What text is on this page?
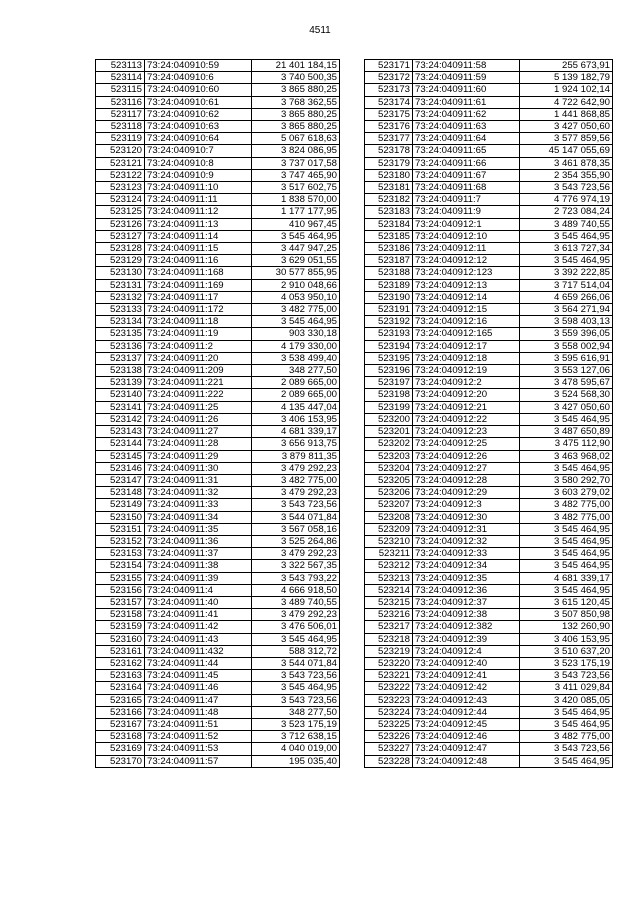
4511
523113	73:24:040910:59	21 401 184,15
523114	73:24:040910:6	3 740 500,35
523115	73:24:040910:60	3 865 880,25
523116	73:24:040910:61	3 768 362,55
523117	73:24:040910:62	3 865 880,25
523118	73:24:040910:63	3 865 880,25
523119	73:24:040910:64	5 067 618,63
523120	73:24:040910:7	3 824 086,95
523121	73:24:040910:8	3 737 017,58
523122	73:24:040910:9	3 747 465,90
523123	73:24:040911:10	3 517 602,75
523124	73:24:040911:11	1 838 570,00
523125	73:24:040911:12	1 177 177,95
523126	73:24:040911:13	410 967,45
523127	73:24:040911:14	3 545 464,95
523128	73:24:040911:15	3 447 947,25
523129	73:24:040911:16	3 629 051,55
523130	73:24:040911:168	30 577 855,95
523131	73:24:040911:169	2 910 048,66
523132	73:24:040911:17	4 053 950,10
523133	73:24:040911:172	3 482 775,00
523134	73:24:040911:18	3 545 464,95
523135	73:24:040911:19	903 330,18
523136	73:24:040911:2	4 179 330,00
523137	73:24:040911:20	3 538 499,40
523138	73:24:040911:209	348 277,50
523139	73:24:040911:221	2 089 665,00
523140	73:24:040911:222	2 089 665,00
523141	73:24:040911:25	4 135 447,04
523142	73:24:040911:26	3 406 153,95
523143	73:24:040911:27	4 681 339,17
523144	73:24:040911:28	3 656 913,75
523145	73:24:040911:29	3 879 811,35
523146	73:24:040911:30	3 479 292,23
523147	73:24:040911:31	3 482 775,00
523148	73:24:040911:32	3 479 292,23
523149	73:24:040911:33	3 543 723,56
523150	73:24:040911:34	3 544 071,84
523151	73:24:040911:35	3 567 058,16
523152	73:24:040911:36	3 525 264,86
523153	73:24:040911:37	3 479 292,23
523154	73:24:040911:38	3 322 567,35
523155	73:24:040911:39	3 543 793,22
523156	73:24:040911:4	4 666 918,50
523157	73:24:040911:40	3 489 740,55
523158	73:24:040911:41	3 479 292,23
523159	73:24:040911:42	3 476 506,01
523160	73:24:040911:43	3 545 464,95
523161	73:24:040911:432	588 312,72
523162	73:24:040911:44	3 544 071,84
523163	73:24:040911:45	3 543 723,56
523164	73:24:040911:46	3 545 464,95
523165	73:24:040911:47	3 543 723,56
523166	73:24:040911:48	348 277,50
523167	73:24:040911:51	3 523 175,19
523168	73:24:040911:52	3 712 638,15
523169	73:24:040911:53	4 040 019,00
523170	73:24:040911:57	195 035,40
523171	73:24:040911:58	255 673,91
523172	73:24:040911:59	5 139 182,79
523173	73:24:040911:60	1 924 102,14
523174	73:24:040911:61	4 722 642,90
523175	73:24:040911:62	1 441 868,85
523176	73:24:040911:63	3 427 050,60
523177	73:24:040911:64	3 577 859,56
523178	73:24:040911:65	45 147 055,69
523179	73:24:040911:66	3 461 878,35
523180	73:24:040911:67	2 354 355,90
523181	73:24:040911:68	3 543 723,56
523182	73:24:040911:7	4 776 974,19
523183	73:24:040911:9	2 723 084,24
523184	73:24:040912:1	3 489 740,55
523185	73:24:040912:10	3 545 464,95
523186	73:24:040912:11	3 613 727,34
523187	73:24:040912:12	3 545 464,95
523188	73:24:040912:123	3 392 222,85
523189	73:24:040912:13	3 717 514,04
523190	73:24:040912:14	4 659 266,06
523191	73:24:040912:15	3 564 271,94
523192	73:24:040912:16	3 598 403,13
523193	73:24:040912:165	3 559 396,05
523194	73:24:040912:17	3 558 002,94
523195	73:24:040912:18	3 595 616,91
523196	73:24:040912:19	3 553 127,06
523197	73:24:040912:2	3 478 595,67
523198	73:24:040912:20	3 524 568,30
523199	73:24:040912:21	3 427 050,60
523200	73:24:040912:22	3 545 464,95
523201	73:24:040912:23	3 487 650,89
523202	73:24:040912:25	3 475 112,90
523203	73:24:040912:26	3 463 968,02
523204	73:24:040912:27	3 545 464,95
523205	73:24:040912:28	3 580 292,70
523206	73:24:040912:29	3 603 279,02
523207	73:24:040912:3	3 482 775,00
523208	73:24:040912:30	3 482 775,00
523209	73:24:040912:31	3 545 464,95
523210	73:24:040912:32	3 545 464,95
523211	73:24:040912:33	3 545 464,95
523212	73:24:040912:34	3 545 464,95
523213	73:24:040912:35	4 681 339,17
523214	73:24:040912:36	3 545 464,95
523215	73:24:040912:37	3 615 120,45
523216	73:24:040912:38	3 507 850,98
523217	73:24:040912:382	132 260,90
523218	73:24:040912:39	3 406 153,95
523219	73:24:040912:4	3 510 637,20
523220	73:24:040912:40	3 523 175,19
523221	73:24:040912:41	3 543 723,56
523222	73:24:040912:42	3 411 029,84
523223	73:24:040912:43	3 420 085,05
523224	73:24:040912:44	3 545 464,95
523225	73:24:040912:45	3 545 464,95
523226	73:24:040912:46	3 482 775,00
523227	73:24:040912:47	3 543 723,56
523228	73:24:040912:48	3 545 464,95
